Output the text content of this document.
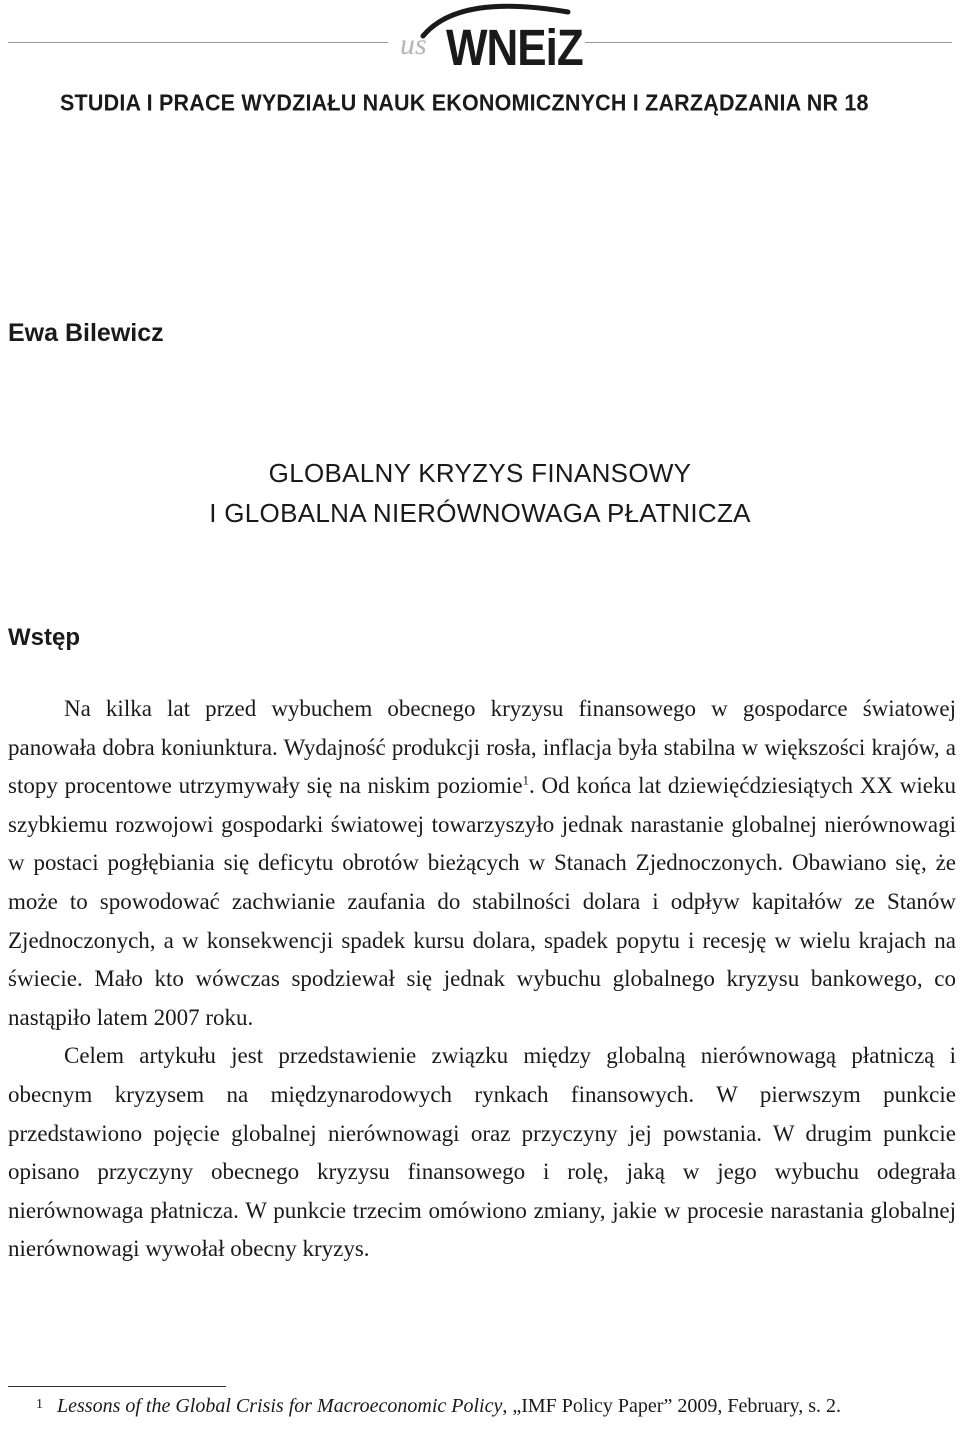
us WNEiZ
STUDIA I PRACE WYDZIAŁU NAUK EKONOMICZNYCH I ZARZĄDZANIA NR 18
Ewa Bilewicz
GLOBALNY KRYZYS FINANSOWY
I GLOBALNA NIERÓWNOWAGA PŁATNICZA
Wstęp

Na kilka lat przed wybuchem obecnego kryzysu finansowego w gospodarce światowej panowała dobra koniunktura. Wydajność produkcji rosła, inflacja była stabilna w większości krajów, a stopy procentowe utrzymywały się na niskim poziomie$^1$. Od końca lat dziewięćdziesiątych XX wieku szybkiemu rozwojowi gospodarki światowej towarzyszyło jednak narastanie globalnej nierównowagi w postaci pogłębiania się deficytu obrotów bieżących w Stanach Zjednoczonych. Obawiano się, że może to spowodować zachwianie zaufania do stabilności dolara i odpływ kapitałów ze Stanów Zjednoczonych, a w konsekwencji spadek kursu dolara, spadek popytu i recesję w wielu krajach na świecie. Mało kto wówczas spodziewał się jednak wybuchu globalnego kryzysu bankowego, co nastąpiło latem 2007 roku.

Celem artykułu jest przedstawienie związku między globalną nierównowagą płatniczą i obecnym kryzysem na międzynarodowych rynkach finansowych. W pierwszym punkcie przedstawiono pojęcie globalnej nierównowagi oraz przyczyny jej powstania. W drugim punkcie opisano przyczyny obecnego kryzysu finansowego i rolę, jaką w jego wybuchu odegrała nierównowaga płatnicza. W punkcie trzecim omówiono zmiany, jakie w procesie narastania globalnej nierównowagi wywołał obecny kryzys.

$^1$ Lessons of the Global Crisis for Macroeconomic Policy, „IMF Policy Paper” 2009, February, s. 2.
